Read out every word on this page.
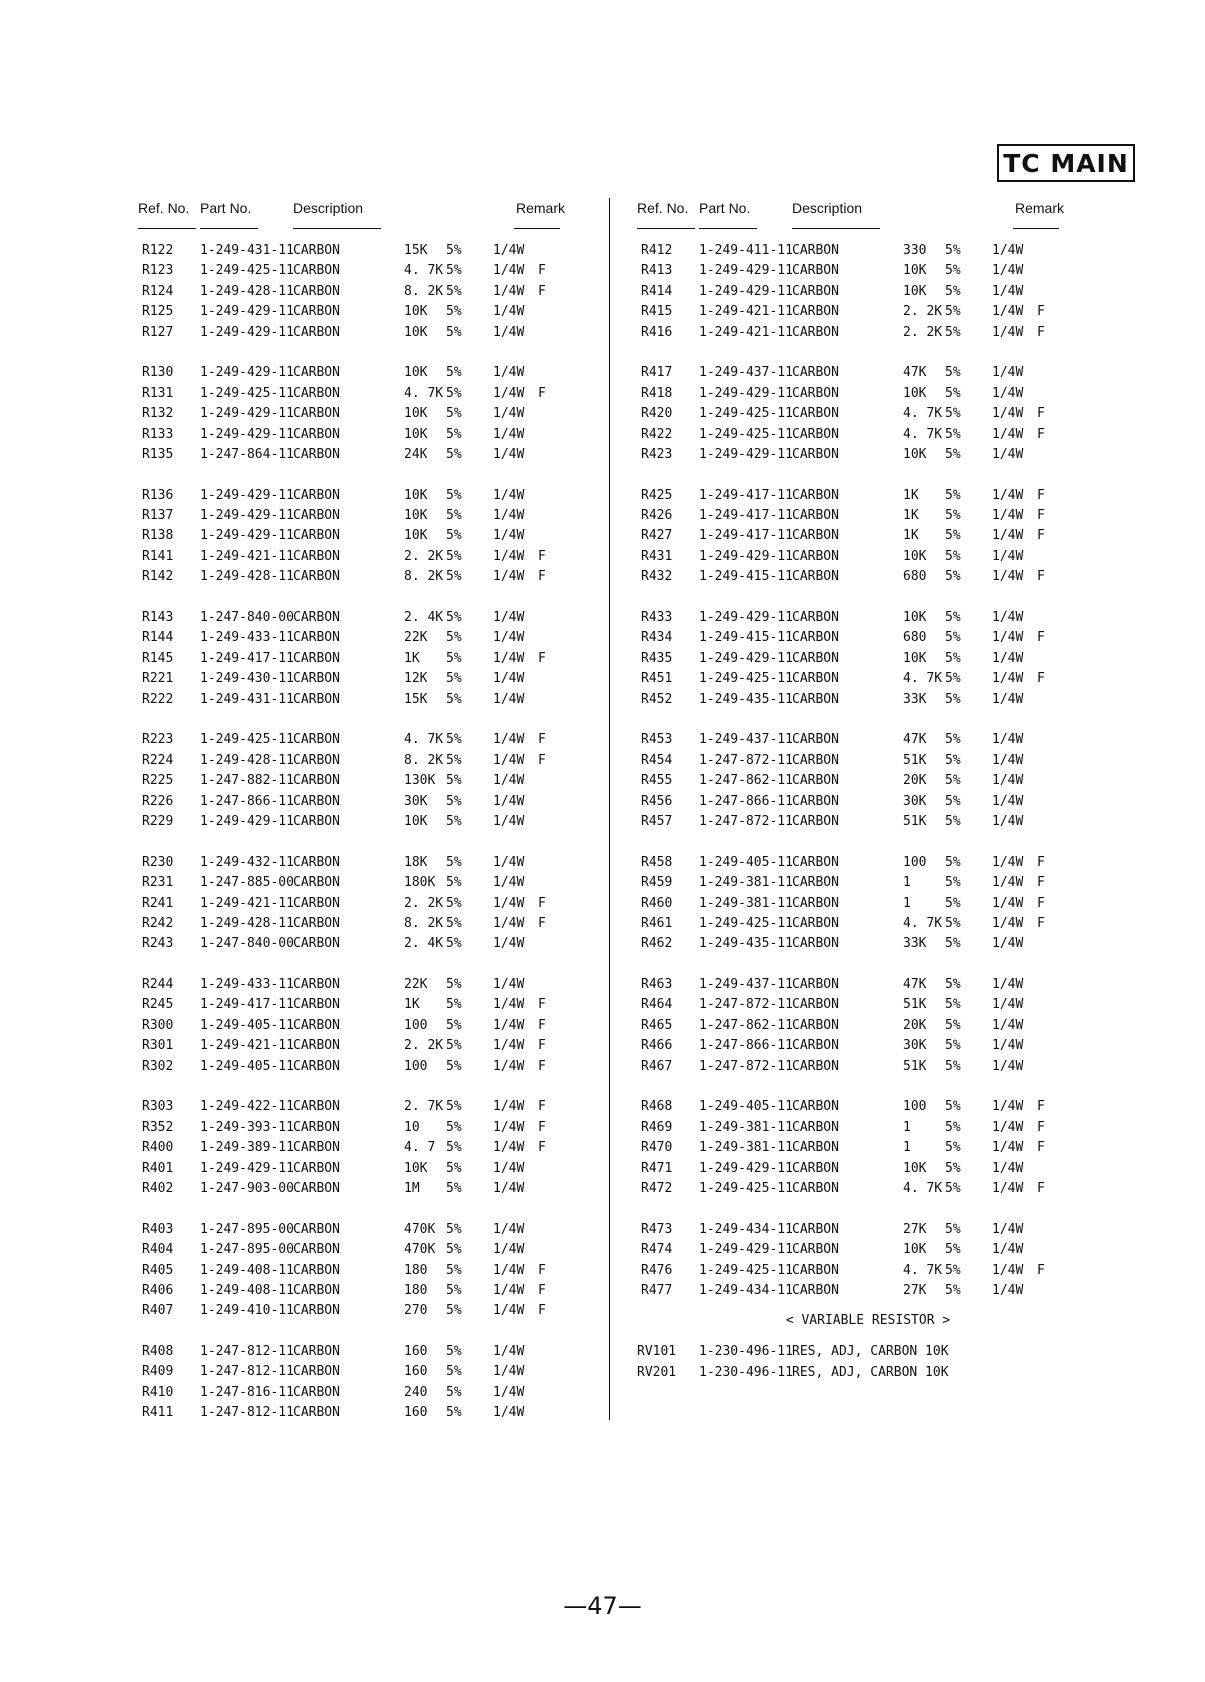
TC MAIN
Ref. No. Part No.	Description	Remark
R122 1-249-431-11 CARBON	15K 5% 1/4W
R123 1-249-425-11 CARBON	4. 7K 5% 1/4W F
R124 1-249-428-11 CARBON	8. 2K 5% 1/4W F
R125 1-249-429-11 CARBON	10K 5% 1/4W
R127 1-249-429-11 CARBON	10K 5% 1/4W
R130 1-249-429-11 CARBON	10K 5% 1/4W
R131 1-249-425-11 CARBON	4. 7K 5% 1/4W F
R132 1-249-429-11 CARBON	10K 5% 1/4W
R133 1-249-429-11 CARBON	10K 5% 1/4W
R135 1-247-864-11 CARBON	24K 5% 1/4W
R136 1-249-429-11 CARBON	10K 5% 1/4W
R137 1-249-429-11 CARBON	10K 5% 1/4W
R138 1-249-429-11 CARBON	10K 5% 1/4W
R141 1-249-421-11 CARBON	2. 2K 5% 1/4W F
R142 1-249-428-11 CARBON	8. 2K 5% 1/4W F
R143 1-247-840-00 CARBON	2. 4K 5% 1/4W
R144 1-249-433-11 CARBON	22K 5% 1/4W
R145 1-249-417-11 CARBON	1K 5% 1/4W F
R221 1-249-430-11 CARBON	12K 5% 1/4W
R222 1-249-431-11 CARBON	15K 5% 1/4W
R223 1-249-425-11 CARBON	4. 7K 5% 1/4W F
R224 1-249-428-11 CARBON	8. 2K 5% 1/4W F
R225 1-247-882-11 CARBON	130K 5% 1/4W
R226 1-247-866-11 CARBON	30K 5% 1/4W
R229 1-249-429-11 CARBON	10K 5% 1/4W
R230 1-249-432-11 CARBON	18K 5% 1/4W
R231 1-247-885-00 CARBON	180K 5% 1/4W
R241 1-249-421-11 CARBON	2. 2K 5% 1/4W F
R242 1-249-428-11 CARBON	8. 2K 5% 1/4W F
R243 1-247-840-00 CARBON	2. 4K 5% 1/4W
R244 1-249-433-11 CARBON	22K 5% 1/4W
R245 1-249-417-11 CARBON	1K 5% 1/4W F
R300 1-249-405-11 CARBON	100 5% 1/4W F
R301 1-249-421-11 CARBON	2. 2K 5% 1/4W F
R302 1-249-405-11 CARBON	100 5% 1/4W F
R303 1-249-422-11 CARBON	2. 7K 5% 1/4W F
R352 1-249-393-11 CARBON	10 5% 1/4W F
R400 1-249-389-11 CARBON	4. 7 5% 1/4W F
R401 1-249-429-11 CARBON	10K 5% 1/4W
R402 1-247-903-00 CARBON	1M 5% 1/4W
R403 1-247-895-00 CARBON	470K 5% 1/4W
R404 1-247-895-00 CARBON	470K 5% 1/4W
R405 1-249-408-11 CARBON	180 5% 1/4W F
R406 1-249-408-11 CARBON	180 5% 1/4W F
R407 1-249-410-11 CARBON	270 5% 1/4W F
R408 1-247-812-11 CARBON	160 5% 1/4W
R409 1-247-812-11 CARBON	160 5% 1/4W
R410 1-247-816-11 CARBON	240 5% 1/4W
R411 1-247-812-11 CARBON	160 5% 1/4W
Ref. No. Part No.	Description	Remark
R412 1-249-411-11 CARBON	330 5% 1/4W
R413 1-249-429-11 CARBON	10K 5% 1/4W
R414 1-249-429-11 CARBON	10K 5% 1/4W
R415 1-249-421-11 CARBON	2. 2K 5% 1/4W F
R416 1-249-421-11 CARBON	2. 2K 5% 1/4W F
R417 1-249-437-11 CARBON	47K 5% 1/4W
R418 1-249-429-11 CARBON	10K 5% 1/4W
R420 1-249-425-11 CARBON	4. 7K 5% 1/4W F
R422 1-249-425-11 CARBON	4. 7K 5% 1/4W F
R423 1-249-429-11 CARBON	10K 5% 1/4W
R425 1-249-417-11 CARBON	1K 5% 1/4W F
R426 1-249-417-11 CARBON	1K 5% 1/4W F
R427 1-249-417-11 CARBON	1K 5% 1/4W F
R431 1-249-429-11 CARBON	10K 5% 1/4W
R432 1-249-415-11 CARBON	680 5% 1/4W F
R433 1-249-429-11 CARBON	10K 5% 1/4W
R434 1-249-415-11 CARBON	680 5% 1/4W F
R435 1-249-429-11 CARBON	10K 5% 1/4W
R451 1-249-425-11 CARBON	4. 7K 5% 1/4W F
R452 1-249-435-11 CARBON	33K 5% 1/4W
R453 1-249-437-11 CARBON	47K 5% 1/4W
R454 1-247-872-11 CARBON	51K 5% 1/4W
R455 1-247-862-11 CARBON	20K 5% 1/4W
R456 1-247-866-11 CARBON	30K 5% 1/4W
R457 1-247-872-11 CARBON	51K 5% 1/4W
R458 1-249-405-11 CARBON	100 5% 1/4W F
R459 1-249-381-11 CARBON	1	5% 1/4W F
R460 1-249-381-11 CARBON	1	5% 1/4W F
R461 1-249-425-11 CARBON	4. 7K 5% 1/4W F
R462 1-249-435-11 CARBON	33K 5% 1/4W
R463 1-249-437-11 CARBON	47K 5% 1/4W
R464 1-247-872-11 CARBON	51K 5% 1/4W
R465 1-247-862-11 CARBON	20K 5% 1/4W
R466 1-247-866-11 CARBON	30K 5% 1/4W
R467 1-247-872-11 CARBON	51K 5% 1/4W
R468 1-249-405-11 CARBON	100 5% 1/4W F
R469 1-249-381-11 CARBON	1	5% 1/4W F
R470 1-249-381-11 CARBON	1	5% 1/4W F
R471 1-249-429-11 CARBON	10K 5% 1/4W
R472 1-249-425-11 CARBON	4. 7K 5% 1/4W F
R473 1-249-434-11 CARBON	27K 5% 1/4W
R474 1-249-429-11 CARBON	10K 5% 1/4W
R476 1-249-425-11 CARBON	4. 7K 5% 1/4W F
R477 1-249-434-11 CARBON	27K 5% 1/4W
< VARIABLE RESISTOR >
RV101 1-230-496-11 RES, ADJ, CARBON 10K
RV201 1-230-496-11 RES, ADJ, CARBON 10K
—47—
